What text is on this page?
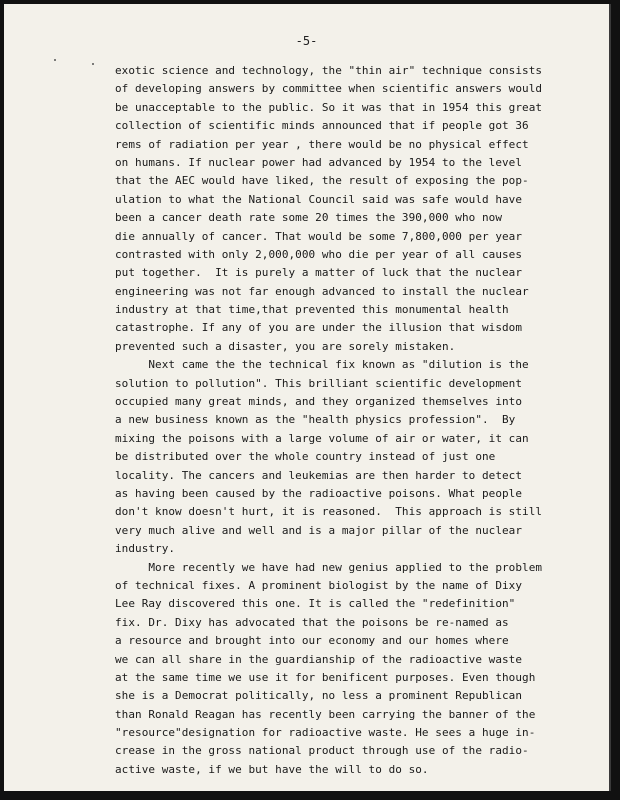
-5-
exotic science and technology, the "thin air" technique consists
of developing answers by committee when scientific answers would
be unacceptable to the public. So it was that in 1954 this great
collection of scientific minds announced that if people got 36
rems of radiation per year , there would be no physical effect
on humans. If nuclear power had advanced by 1954 to the level
that the AEC would have liked, the result of exposing the pop-
ulation to what the National Council said was safe would have
been a cancer death rate some 20 times the 390,000 who now
die annually of cancer. That would be some 7,800,000 per year
contrasted with only 2,000,000 who die per year of all causes
put together.  It is purely a matter of luck that the nuclear
engineering was not far enough advanced to install the nuclear
industry at that time,that prevented this monumental health
catastrophe. If any of you are under the illusion that wisdom
prevented such a disaster, you are sorely mistaken.
Next came the the technical fix known as "dilution is the
solution to pollution". This brilliant scientific development
occupied many great minds, and they organized themselves into
a new business known as the "health physics profession".  By
mixing the poisons with a large volume of air or water, it can
be distributed over the whole country instead of just one
locality. The cancers and leukemias are then harder to detect
as having been caused by the radioactive poisons. What people
don't know doesn't hurt, it is reasoned.  This approach is still
very much alive and well and is a major pillar of the nuclear
industry.
More recently we have had new genius applied to the problem
of technical fixes. A prominent biologist by the name of Dixy
Lee Ray discovered this one. It is called the "redefinition"
fix. Dr. Dixy has advocated that the poisons be re-named as
a resource and brought into our economy and our homes where
we can all share in the guardianship of the radioactive waste
at the same time we use it for benificent purposes. Even though
she is a Democrat politically, no less a prominent Republican
than Ronald Reagan has recently been carrying the banner of the
"resource"designation for radioactive waste. He sees a huge in-
crease in the gross national product through use of the radio-
active waste, if we but have the will to do so.
